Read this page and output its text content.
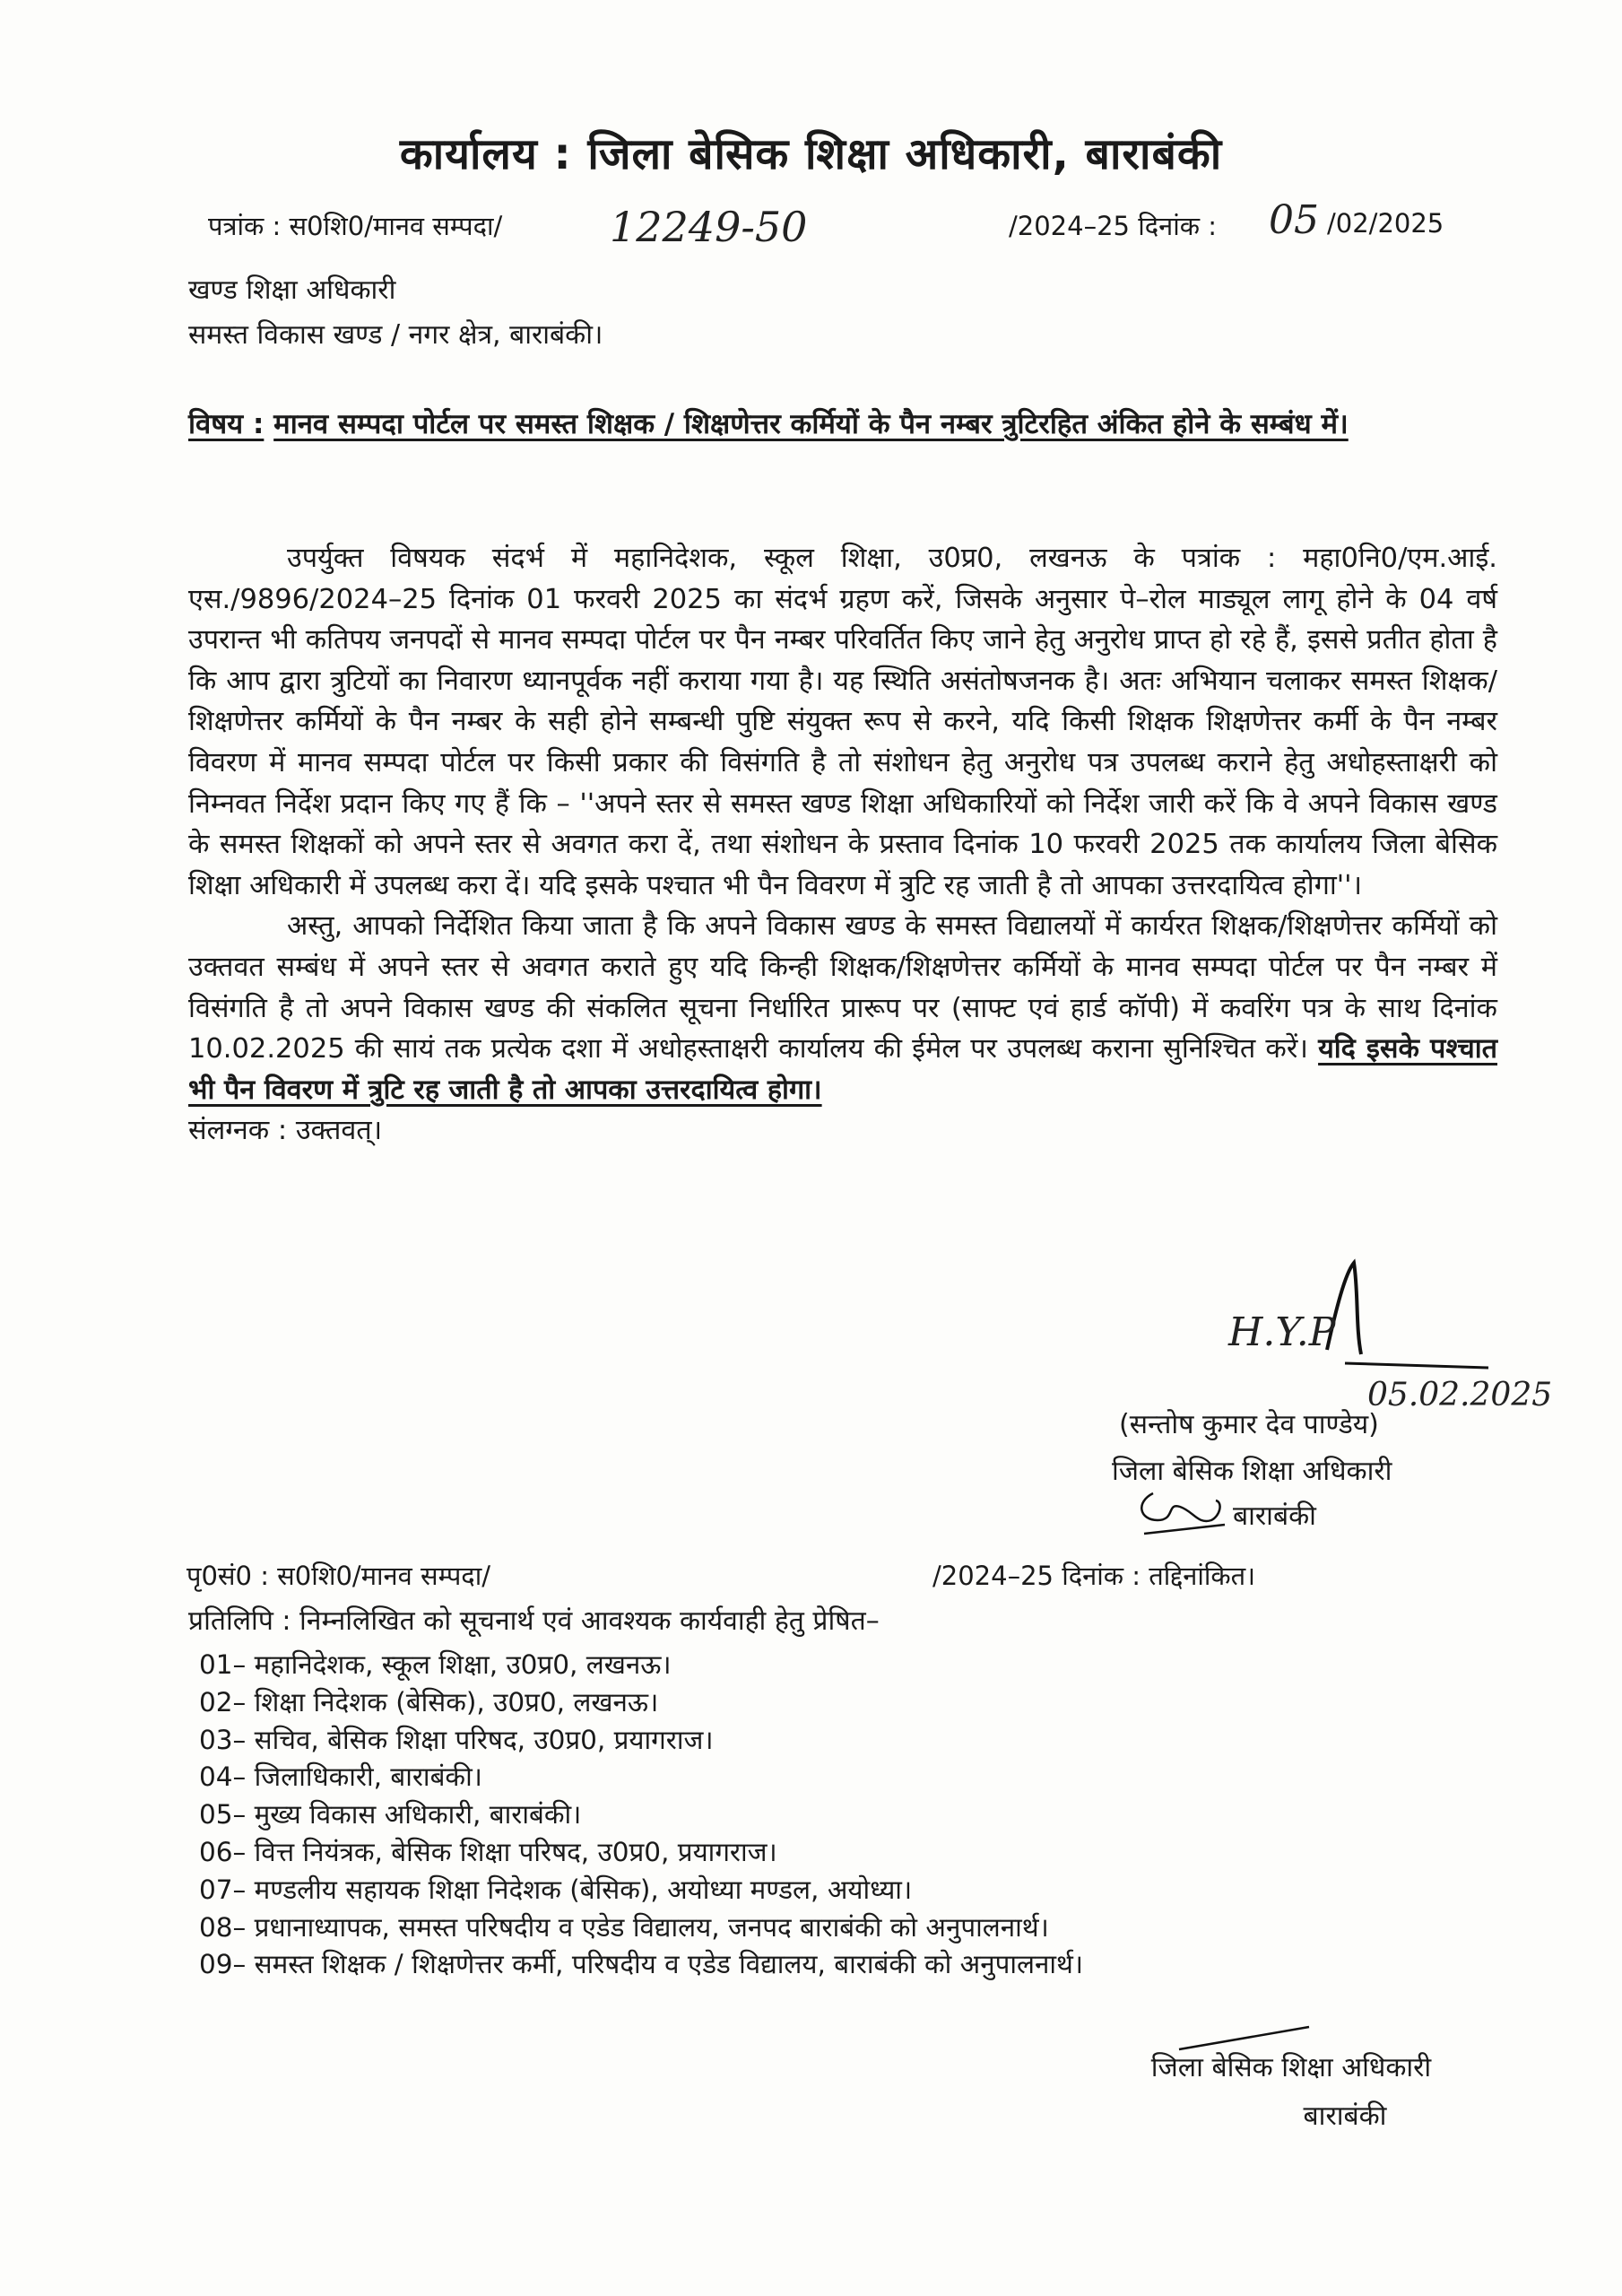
कार्यालय : जिला बेसिक शिक्षा अधिकारी, बाराबंकी
पत्रांक : स0शि0/मानव सम्पदा/	12249-50	/2024–25 दिनांक : 05 /02/2025
खण्ड शिक्षा अधिकारी
समस्त विकास खण्ड / नगर क्षेत्र, बाराबंकी।
विषय : मानव सम्पदा पोर्टल पर समस्त शिक्षक / शिक्षणेत्तर कर्मियों के पैन नम्बर त्रुटिरहित अंकित होने के सम्बंध में।

उपर्युक्त विषयक संदर्भ में महानिदेशक, स्कूल शिक्षा, उ0प्र0, लखनऊ के पत्रांक : महा0नि0/एम.आई. एस./9896/2024–25 दिनांक 01 फरवरी 2025 का संदर्भ ग्रहण करें, जिसके अनुसार पे–रोल माड्यूल लागू होने के 04 वर्ष उपरान्त भी कतिपय जनपदों से मानव सम्पदा पोर्टल पर पैन नम्बर परिवर्तित किए जाने हेतु अनुरोध प्राप्त हो रहे हैं, इससे प्रतीत होता है कि आप द्वारा त्रुटियों का निवारण ध्यानपूर्वक नहीं कराया गया है। यह स्थिति असंतोषजनक है। अतः अभियान चलाकर समस्त शिक्षक/शिक्षणेत्तर कर्मियों के पैन नम्बर के सही होने सम्बन्धी पुष्टि संयुक्त रूप से करने, यदि किसी शिक्षक शिक्षणेत्तर कर्मी के पैन नम्बर विवरण में मानव सम्पदा पोर्टल पर किसी प्रकार की विसंगति है तो संशोधन हेतु अनुरोध पत्र उपलब्ध कराने हेतु अधोहस्ताक्षरी को निम्नवत निर्देश प्रदान किए गए हैं कि – ''अपने स्तर से समस्त खण्ड शिक्षा अधिकारियों को निर्देश जारी करें कि वे अपने विकास खण्ड के समस्त शिक्षकों को अपने स्तर से अवगत करा दें, तथा संशोधन के प्रस्ताव दिनांक 10 फरवरी 2025 तक कार्यालय जिला बेसिक शिक्षा अधिकारी में उपलब्ध करा दें। यदि इसके पश्चात भी पैन विवरण में त्रुटि रह जाती है तो आपका उत्तरदायित्व होगा''।

अस्तु, आपको निर्देशित किया जाता है कि अपने विकास खण्ड के समस्त विद्यालयों में कार्यरत शिक्षक/शिक्षणेत्तर कर्मियों को उक्तवत सम्बंध में अपने स्तर से अवगत कराते हुए यदि किन्ही शिक्षक/शिक्षणेत्तर कर्मियों के मानव सम्पदा पोर्टल पर पैन नम्बर में विसंगति है तो अपने विकास खण्ड की संकलित सूचना निर्धारित प्रारूप पर (साफ्ट एवं हार्ड कॉपी) में कवरिंग पत्र के साथ दिनांक 10.02.2025 की सायं तक प्रत्येक दशा में अधोहस्ताक्षरी कार्यालय की ईमेल पर उपलब्ध कराना सुनिश्चित करें। यदि इसके पश्चात भी पैन विवरण में त्रुटि रह जाती है तो आपका उत्तरदायित्व होगा।

संलग्नक : उक्तवत्।

H.Y.P
05.02.2025
(सन्तोष कुमार देव पाण्डेय)
जिला बेसिक शिक्षा अधिकारी
बाराबंकी
पृ0सं0 : स0शि0/मानव सम्पदा/	/2024–25 दिनांक : तद्दिनांकित।
प्रतिलिपि : निम्नलिखित को सूचनार्थ एवं आवश्यक कार्यवाही हेतु प्रेषित–
01– महानिदेशक, स्कूल शिक्षा, उ0प्र0, लखनऊ।
02– शिक्षा निदेशक (बेसिक), उ0प्र0, लखनऊ।
03– सचिव, बेसिक शिक्षा परिषद, उ0प्र0, प्रयागराज।
04– जिलाधिकारी, बाराबंकी।
05– मुख्य विकास अधिकारी, बाराबंकी।
06– वित्त नियंत्रक, बेसिक शिक्षा परिषद, उ0प्र0, प्रयागराज।
07– मण्डलीय सहायक शिक्षा निदेशक (बेसिक), अयोध्या मण्डल, अयोध्या।
08– प्रधानाध्यापक, समस्त परिषदीय व एडेड विद्यालय, जनपद बाराबंकी को अनुपालनार्थ।
09– समस्त शिक्षक / शिक्षणेत्तर कर्मी, परिषदीय व एडेड विद्यालय, बाराबंकी को अनुपालनार्थ।
जिला बेसिक शिक्षा अधिकारी
बाराबंकी
